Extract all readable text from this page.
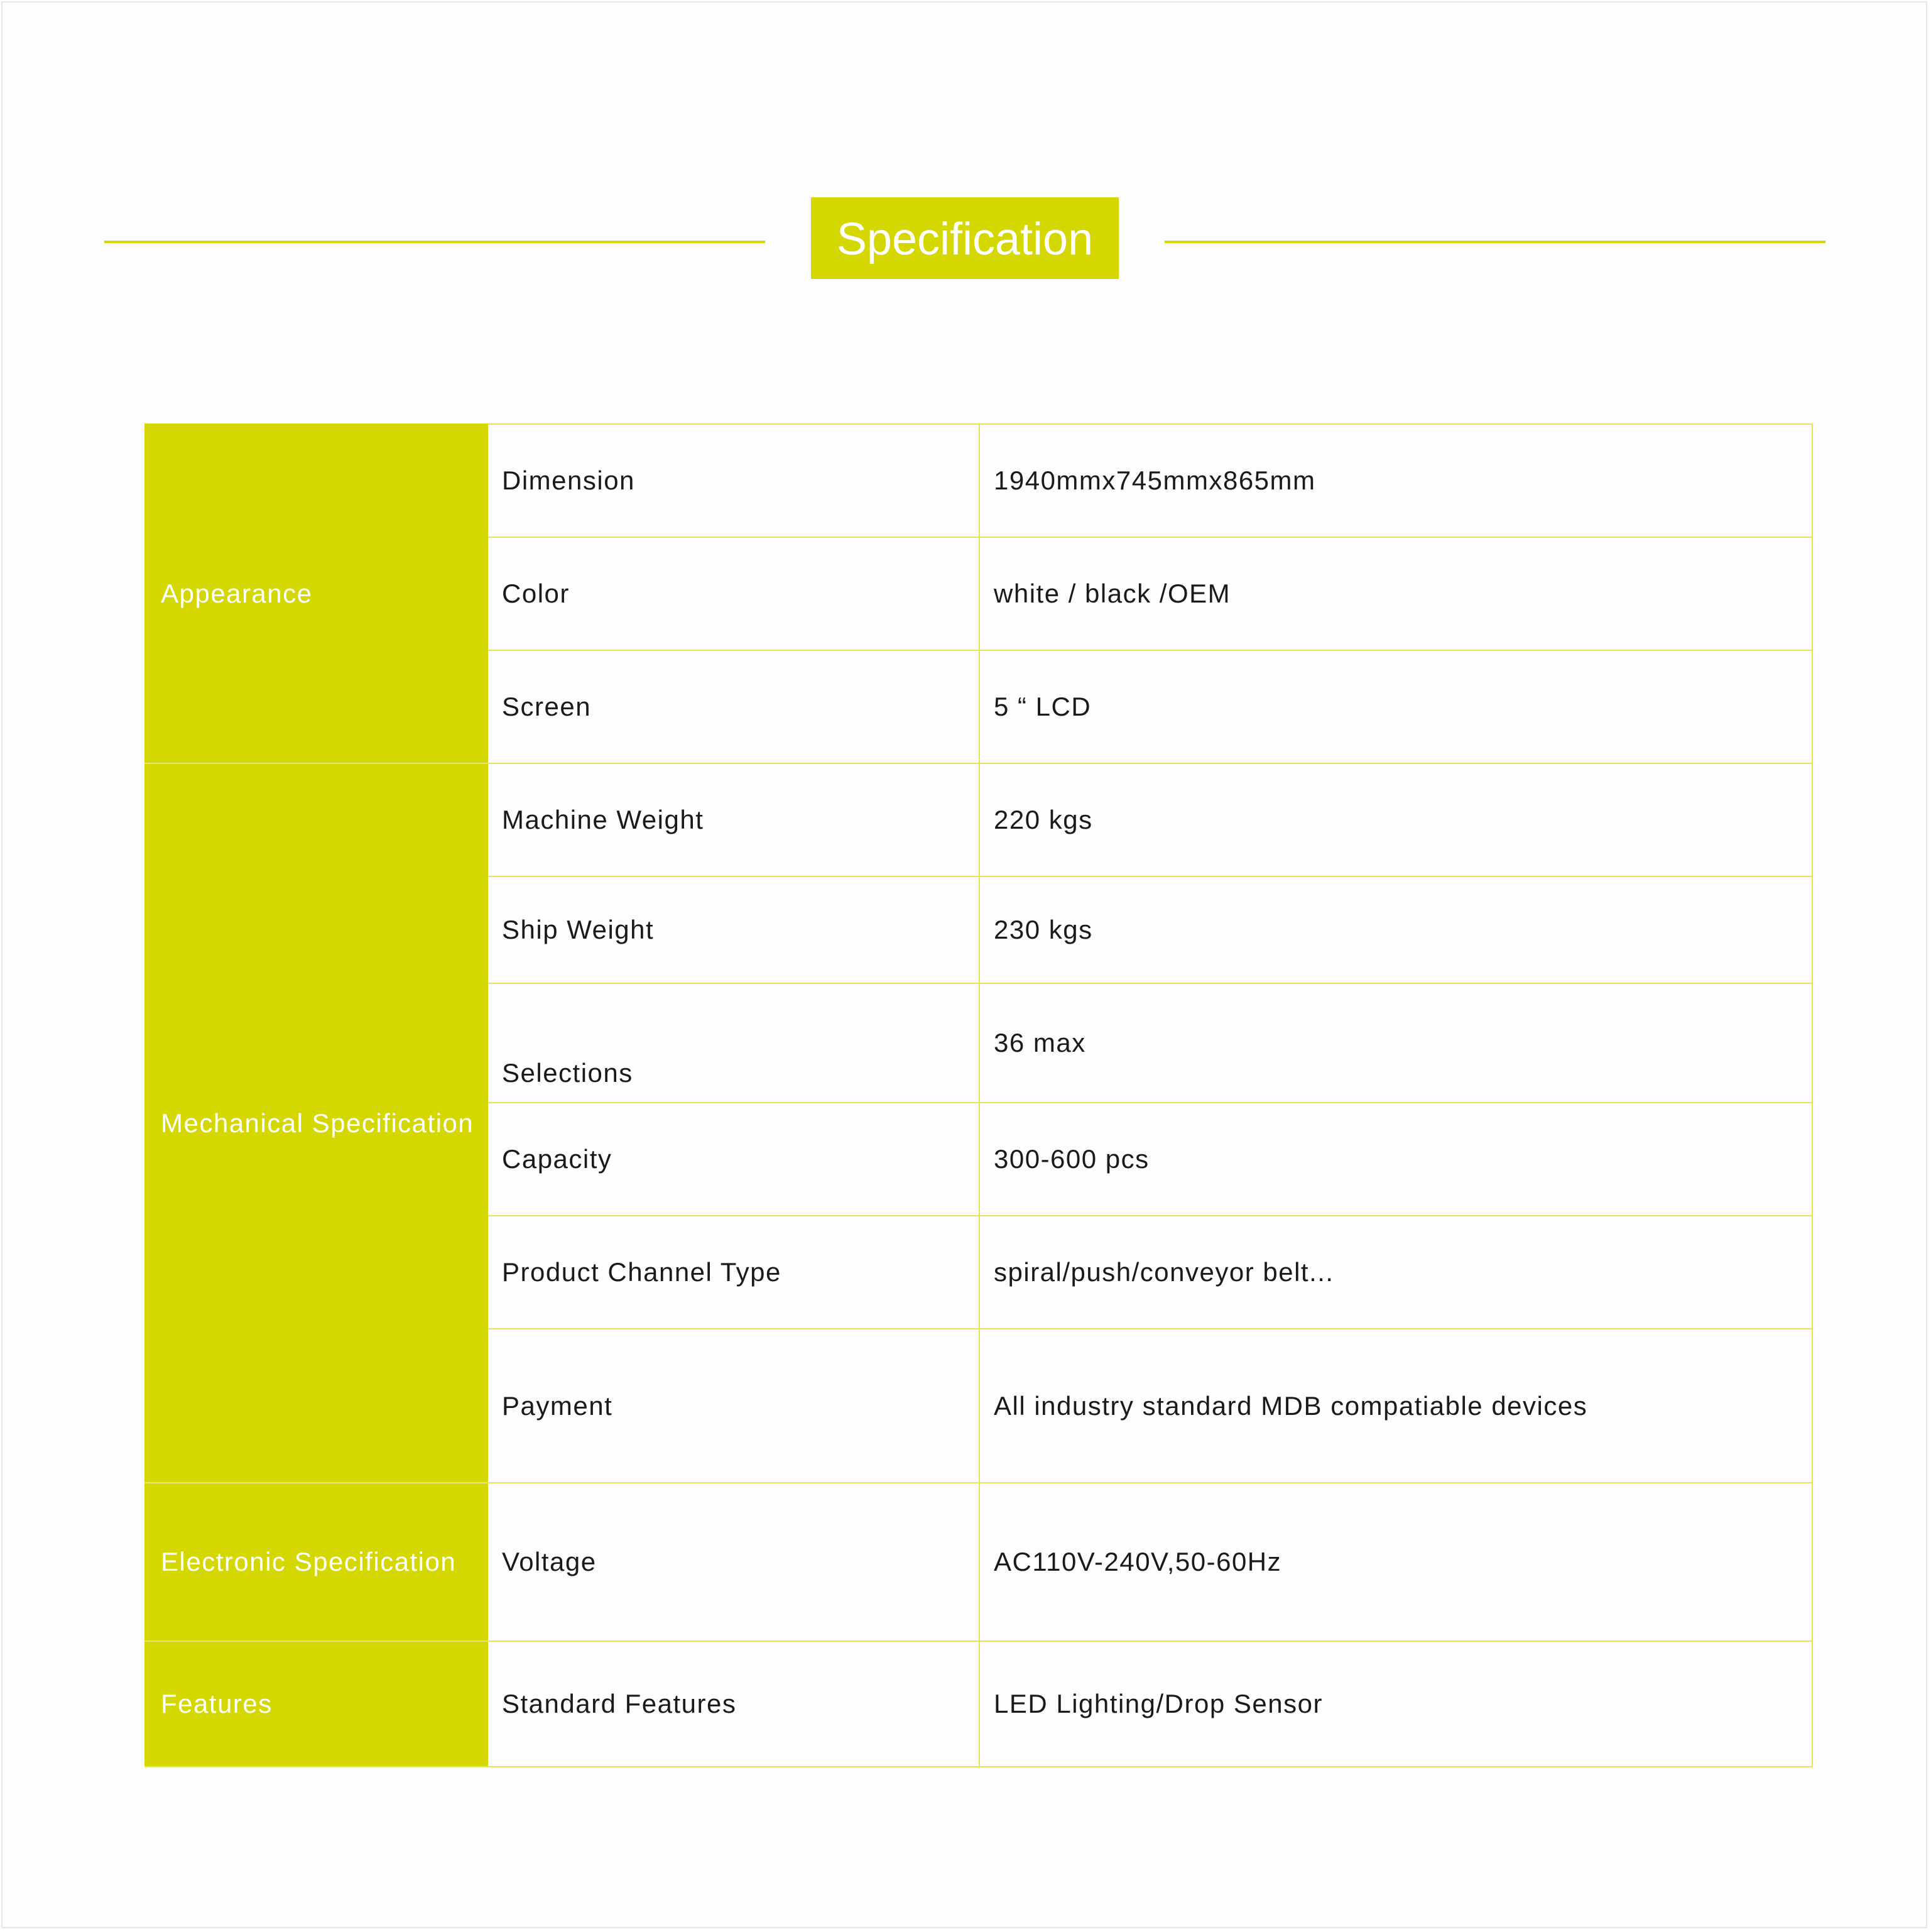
Specification
Appearance	Dimension	1940mmx745mmx865mm
	Color	white / black /OEM
	Screen	5 “ LCD
Mechanical Specification	Machine Weight	220 kgs
	Ship Weight	230 kgs
	Selections	36 max
	Capacity	300-600 pcs
	Product Channel Type	spiral/push/conveyor belt...
	Payment	All industry standard MDB compatiable devices
Electronic Specification	Voltage	AC110V-240V,50-60Hz
Features	Standard Features	LED Lighting/Drop Sensor
